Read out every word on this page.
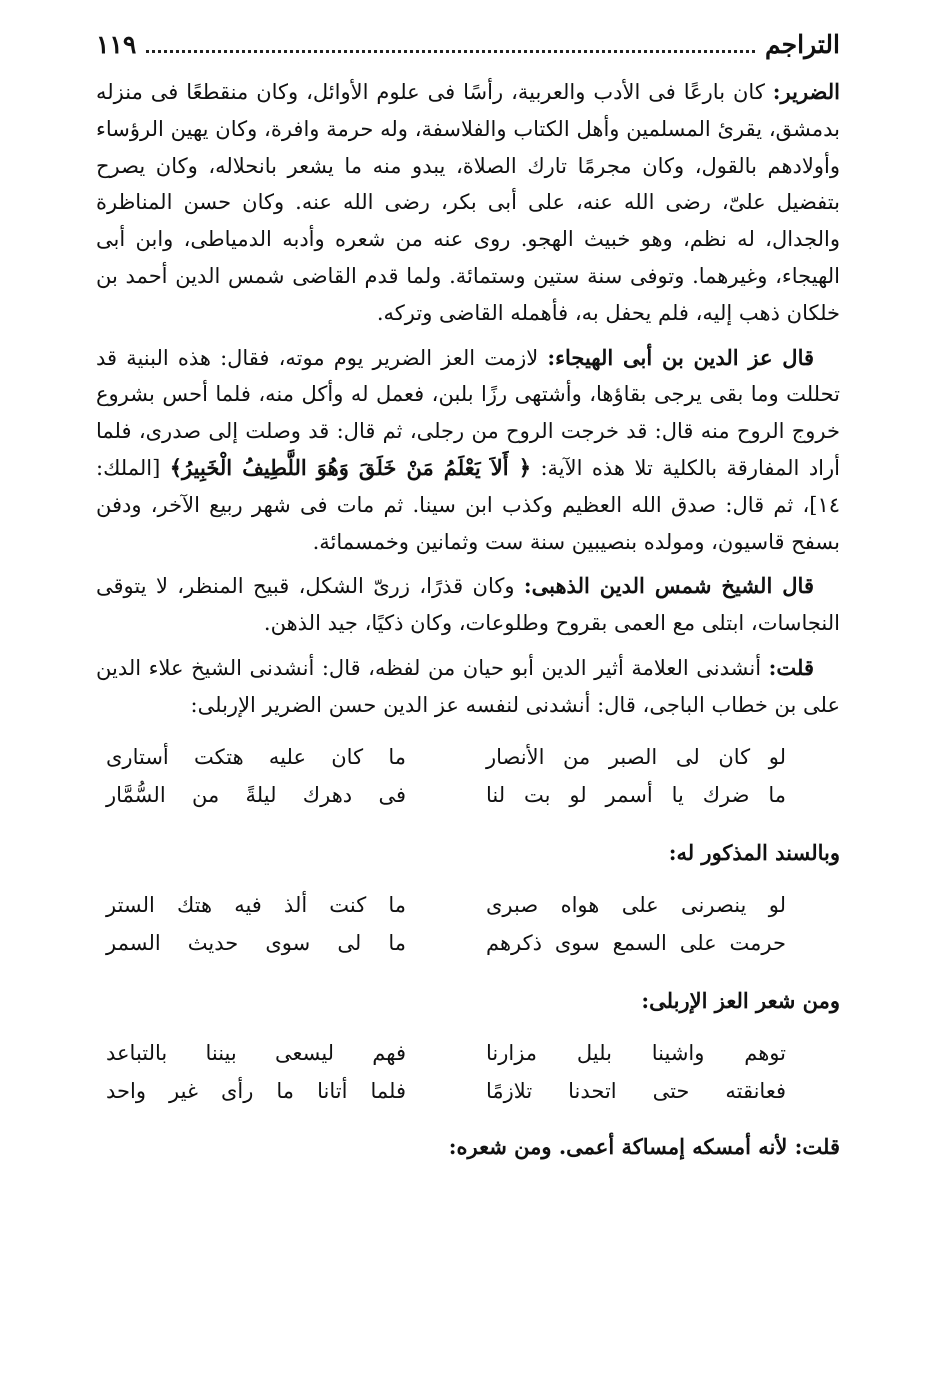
التراجم
١١٩

الضرير: كان بارعًا فى الأدب والعربية، رأسًا فى علوم الأوائل، وكان منقطعًا فى منزله بدمشق، يقرئ المسلمين وأهل الكتاب والفلاسفة، وله حرمة وافرة، وكان يهين الرؤساء وأولادهم بالقول، وكان مجرمًا تارك الصلاة، يبدو منه ما يشعر بانحلاله، وكان يصرح بتفضيل علىّ، رضى الله عنه، على أبى بكر، رضى الله عنه. وكان حسن المناظرة والجدال، له نظم، وهو خبيث الهجو. روى عنه من شعره وأدبه الدمياطى، وابن أبى الهيجاء، وغيرهما. وتوفى سنة ستين وستمائة. ولما قدم القاضى شمس الدين أحمد بن خلكان ذهب إليه، فلم يحفل به، فأهمله القاضى وتركه.

قال عز الدين بن أبى الهيجاء: لازمت العز الضرير يوم موته، فقال: هذه البنية قد تحللت وما بقى يرجى بقاؤها، وأشتهى رزًا بلبن، فعمل له وأكل منه، فلما أحس بشروع خروج الروح منه قال: قد خرجت الروح من رجلى، ثم قال: قد وصلت إلى صدرى، فلما أراد المفارقة بالكلية تلا هذه الآية: ﴿ أَلاَ يَعْلَمُ مَنْ خَلَقَ وَهُوَ اللَّطِيفُ الْخَبِيرُ﴾ [الملك: ١٤]، ثم قال: صدق الله العظيم وكذب ابن سينا. ثم مات فى شهر ربيع الآخر، ودفن بسفح قاسيون، ومولده بنصيبين سنة ست وثمانين وخمسمائة.

قال الشيخ شمس الدين الذهبى: وكان قذرًا، زرىّ الشكل، قبيح المنظر، لا يتوقى النجاسات، ابتلى مع العمى بقروح وطلوعات، وكان ذكيًا، جيد الذهن.

قلت: أنشدنى العلامة أثير الدين أبو حيان من لفظه، قال: أنشدنى الشيخ علاء الدين على بن خطاب الباجى، قال: أنشدنى لنفسه عز الدين حسن الضرير الإربلى:

لو كان لى الصبر من الأنصار
ما كان عليه هتكت أستارى
ما ضرك يا أسمر لو بت لنا
فى دهرك ليلةً من السُّمَّار
وبالسند المذكور له:
لو ينصرنى على هواه صبرى
ما كنت ألذ فيه هتك الستر
حرمت على السمع سوى ذكرهم
ما لى سوى حديث السمر
ومن شعر العز الإربلى:
توهم واشينا بليل مزارنا
فهم ليسعى بيننا بالتباعد
فعانقته حتى اتحدنا تلازمًا
فلما أتانا ما رأى غير واحد
قلت: لأنه أمسكه إمساكة أعمى. ومن شعره:
